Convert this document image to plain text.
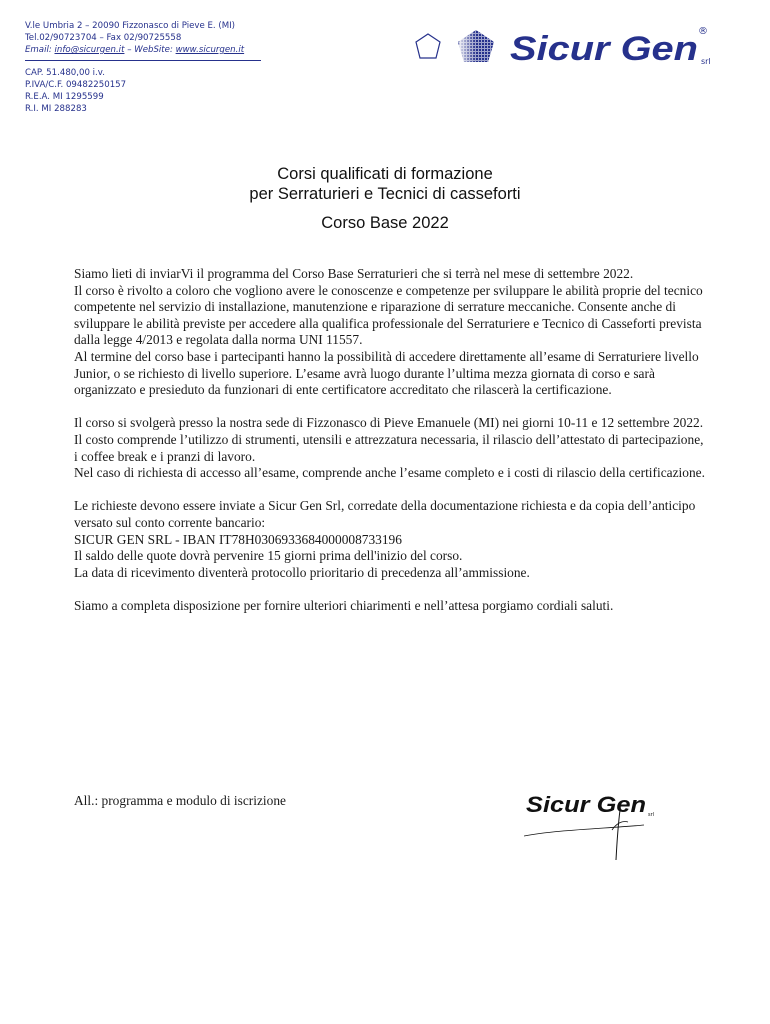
V.le Umbria 2 – 20090 Fizzonasco di Pieve E. (MI)
Tel.02/90723704 – Fax 02/90725558
Email: info@sicurgen.it – WebSite: www.sicurgen.it
CAP. 51.480,00 i.v.
P.IVA/C.F. 09482250157
R.E.A. MI 1295599
R.I. MI 288283
Sicur Gen ®
srl
Corsi qualificati di formazione
per Serraturieri e Tecnici di casseforti
Corso Base 2022

Siamo lieti di inviarVi il programma del Corso Base Serraturieri che si terrà nel mese di settembre 2022.

Il corso è rivolto a coloro che vogliono avere le conoscenze e competenze per sviluppare le abilità proprie del tecnico competente nel servizio di installazione, manutenzione e riparazione di serrature meccaniche. Consente anche di sviluppare le abilità previste per accedere alla qualifica professionale del Serraturiere e Tecnico di Casseforti prevista dalla legge 4/2013 e regolata dalla norma UNI 11557.

Al termine del corso base i partecipanti hanno la possibilità di accedere direttamente all’esame di Serraturiere livello Junior, o se richiesto di livello superiore. L’esame avrà luogo durante l’ultima mezza giornata di corso e sarà organizzato e presieduto da funzionari di ente certificatore accreditato che rilascerà la certificazione.

Il corso si svolgerà presso la nostra sede di Fizzonasco di Pieve Emanuele (MI) nei giorni 10-11 e 12 settembre 2022.

Il costo comprende l’utilizzo di strumenti, utensili e attrezzatura necessaria, il rilascio dell’attestato di partecipazione, i coffee break e i pranzi di lavoro.

Nel caso di richiesta di accesso all’esame, comprende anche l’esame completo e i costi di rilascio della certificazione.

Le richieste devono essere inviate a Sicur Gen Srl, corredate della documentazione richiesta e da copia dell’anticipo versato sul conto corrente bancario:

SICUR GEN SRL - IBAN IT78H0306933684000008733196

Il saldo delle quote dovrà pervenire 15 giorni prima dell'inizio del corso.

La data di ricevimento diventerà protocollo prioritario di precedenza all’ammissione.

Siamo a completa disposizione per fornire ulteriori chiarimenti e nell’attesa porgiamo cordiali saluti.

All.: programma e modulo di iscrizione	Sicur Gen srl
